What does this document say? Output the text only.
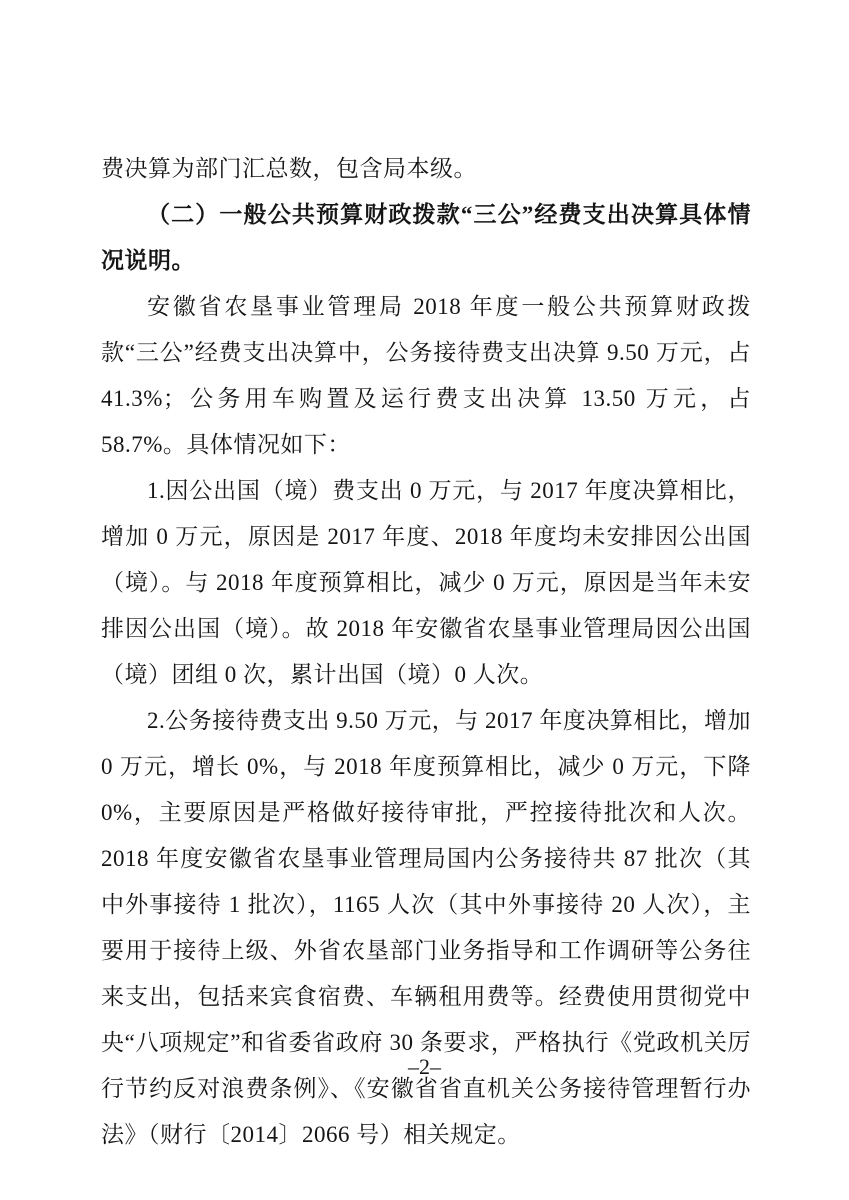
费决算为部门汇总数，包含局本级。

（二）一般公共预算财政拨款“三公”经费支出决算具体情况说明。

安徽省农垦事业管理局 2018 年度一般公共预算财政拨款“三公”经费支出决算中，公务接待费支出决算 9.50 万元，占 41.3%；公务用车购置及运行费支出决算 13.50 万元，占 58.7%。具体情况如下：

1.因公出国（境）费支出 0 万元，与 2017 年度决算相比，增加 0 万元，原因是 2017 年度、2018 年度均未安排因公出国（境）。与 2018 年度预算相比，减少 0 万元，原因是当年未安排因公出国（境）。故 2018 年安徽省农垦事业管理局因公出国（境）团组 0 次，累计出国（境）0 人次。

2.公务接待费支出 9.50 万元，与 2017 年度决算相比，增加 0 万元，增长 0%，与 2018 年度预算相比，减少 0 万元，下降 0%，主要原因是严格做好接待审批，严控接待批次和人次。2018 年度安徽省农垦事业管理局国内公务接待共 87 批次（其中外事接待 1 批次），1165 人次（其中外事接待 20 人次），主要用于接待上级、外省农垦部门业务指导和工作调研等公务往来支出，包括来宾食宿费、车辆租用费等。经费使用贯彻党中央“八项规定”和省委省政府 30 条要求，严格执行《党政机关厉行节约反对浪费条例》、《安徽省省直机关公务接待管理暂行办法》（财行〔2014〕2066 号）相关规定。

–2–
